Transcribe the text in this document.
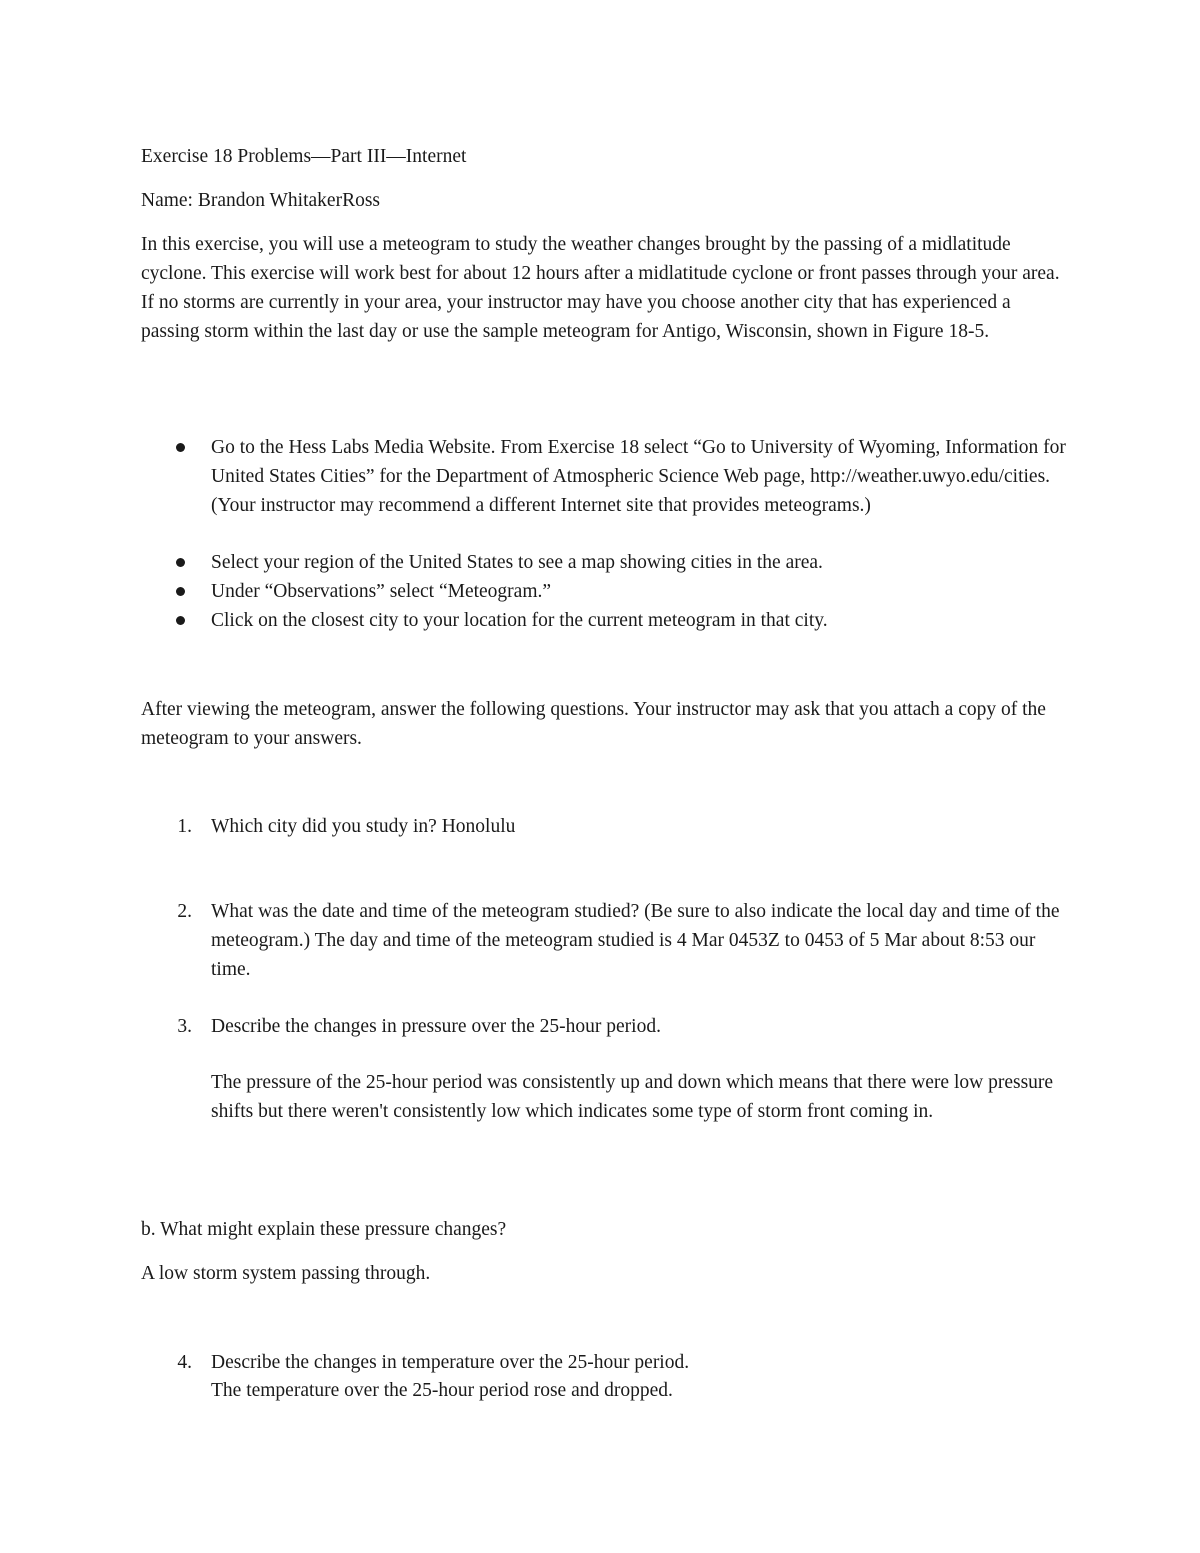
Exercise 18 Problems—Part III—Internet

Name: Brandon WhitakerRoss

In this exercise, you will use a meteogram to study the weather changes brought by the passing of a midlatitude cyclone. This exercise will work best for about 12 hours after a midlatitude cyclone or front passes through your area. If no storms are currently in your area, your instructor may have you choose another city that has experienced a passing storm within the last day or use the sample meteogram for Antigo, Wisconsin, shown in Figure 18-5.

Go to the Hess Labs Media Website. From Exercise 18 select “Go to University of Wyoming, Information for United States Cities” for the Department of Atmospheric Science Web page, http://weather.uwyo.edu/cities. (Your instructor may recommend a different Internet site that provides meteograms.)

Select your region of the United States to see a map showing cities in the area.

Under “Observations” select “Meteogram.”

Click on the closest city to your location for the current meteogram in that city.

After viewing the meteogram, answer the following questions. Your instructor may ask that you attach a copy of the meteogram to your answers.

1. Which city did you study in? Honolulu

2. What was the date and time of the meteogram studied? (Be sure to also indicate the local day and time of the meteogram.) The day and time of the meteogram studied is 4 Mar 0453Z to 0453 of 5 Mar about 8:53 our time.

3. Describe the changes in pressure over the 25-hour period.

The pressure of the 25-hour period was consistently up and down which means that there were low pressure shifts but there weren't consistently low which indicates some type of storm front coming in.

b. What might explain these pressure changes?

A low storm system passing through.

4. Describe the changes in temperature over the 25-hour period.

The temperature over the 25-hour period rose and dropped.
